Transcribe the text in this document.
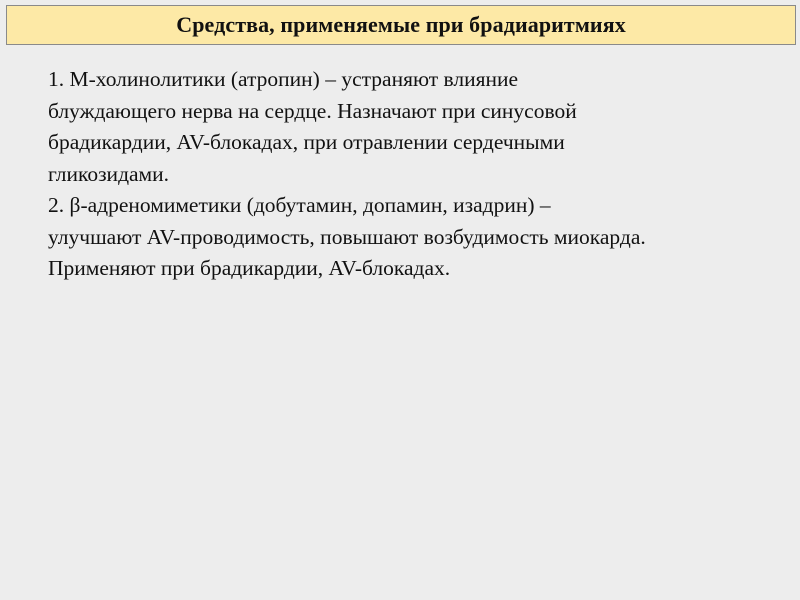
Средства, применяемые при брадиаритмиях

1. М-холинолитики (атропин) – устраняют влияние
блуждающего нерва на сердце. Назначают при синусовой
брадикардии, AV-блокадах, при отравлении сердечными
гликозидами.

2. β-адреномиметики (добутамин, допамин, изадрин) –
улучшают AV-проводимость, повышают возбудимость миокарда.
Применяют при брадикардии, AV-блокадах.
